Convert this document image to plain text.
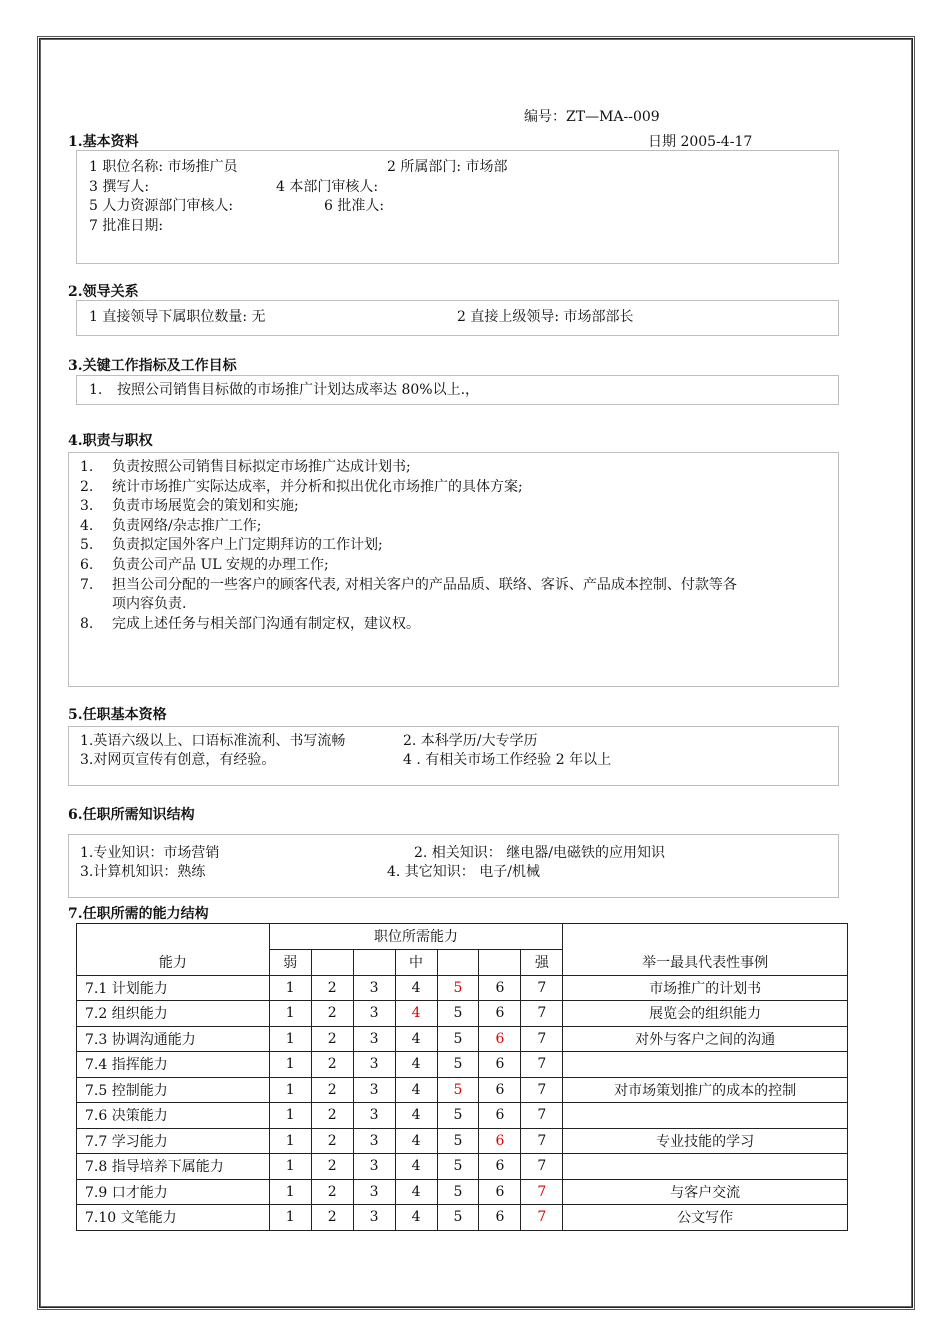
编号：ZT—MA--009
1.基本资料	日期 2005-4-17
1 职位名称: 市场推广员	2 所属部门: 市场部
3 撰写人:	4 本部门审核人:
5 人力资源部门审核人:	6 批准人:
7 批准日期:
2.领导关系
1 直接领导下属职位数量: 无	2 直接上级领导: 市场部部长
3.关键工作指标及工作目标
1. 按照公司销售目标做的市场推广计划达成率达 80%以上.，
4.职责与职权
1. 负责按照公司销售目标拟定市场推广达成计划书;
2. 统计市场推广实际达成率，并分析和拟出优化市场推广的具体方案;
3. 负责市场展览会的策划和实施;
4. 负责网络/杂志推广工作;
5. 负责拟定国外客户上门定期拜访的工作计划;
6. 负责公司产品 UL 安规的办理工作;
7. 担当公司分配的一些客户的顾客代表, 对相关客户的产品品质、联络、客诉、产品成本控制、付款等各
项内容负责.
8. 完成上述任务与相关部门沟通有制定权，建议权。
5.任职基本资格
1.英语六级以上、口语标准流利、书写流畅	2. 本科学历/大专学历
3.对网页宣传有创意，有经验。	4 . 有相关市场工作经验 2 年以上
6.任职所需知识结构
1.专业知识：市场营销	2. 相关知识： 继电器/电磁铁的应用知识
3.计算机知识：熟练	4. 其它知识： 电子/机械
7.任职所需的能力结构
能力	职位所需能力							举一最具代表性事例
	弱			中			强	
7.1 计划能力	1	2	3	4	5	6	7	市场推广的计划书
7.2 组织能力	1	2	3	4	5	6	7	展览会的组织能力
7.3 协调沟通能力	1	2	3	4	5	6	7	对外与客户之间的沟通
7.4 指挥能力	1	2	3	4	5	6	7	
7.5 控制能力	1	2	3	4	5	6	7	对市场策划推广的成本的控制
7.6 决策能力	1	2	3	4	5	6	7	
7.7 学习能力	1	2	3	4	5	6	7	专业技能的学习
7.8 指导培养下属能力	1	2	3	4	5	6	7	
7.9 口才能力	1	2	3	4	5	6	7	与客户交流
7.10 文笔能力	1	2	3	4	5	6	7	公文写作
